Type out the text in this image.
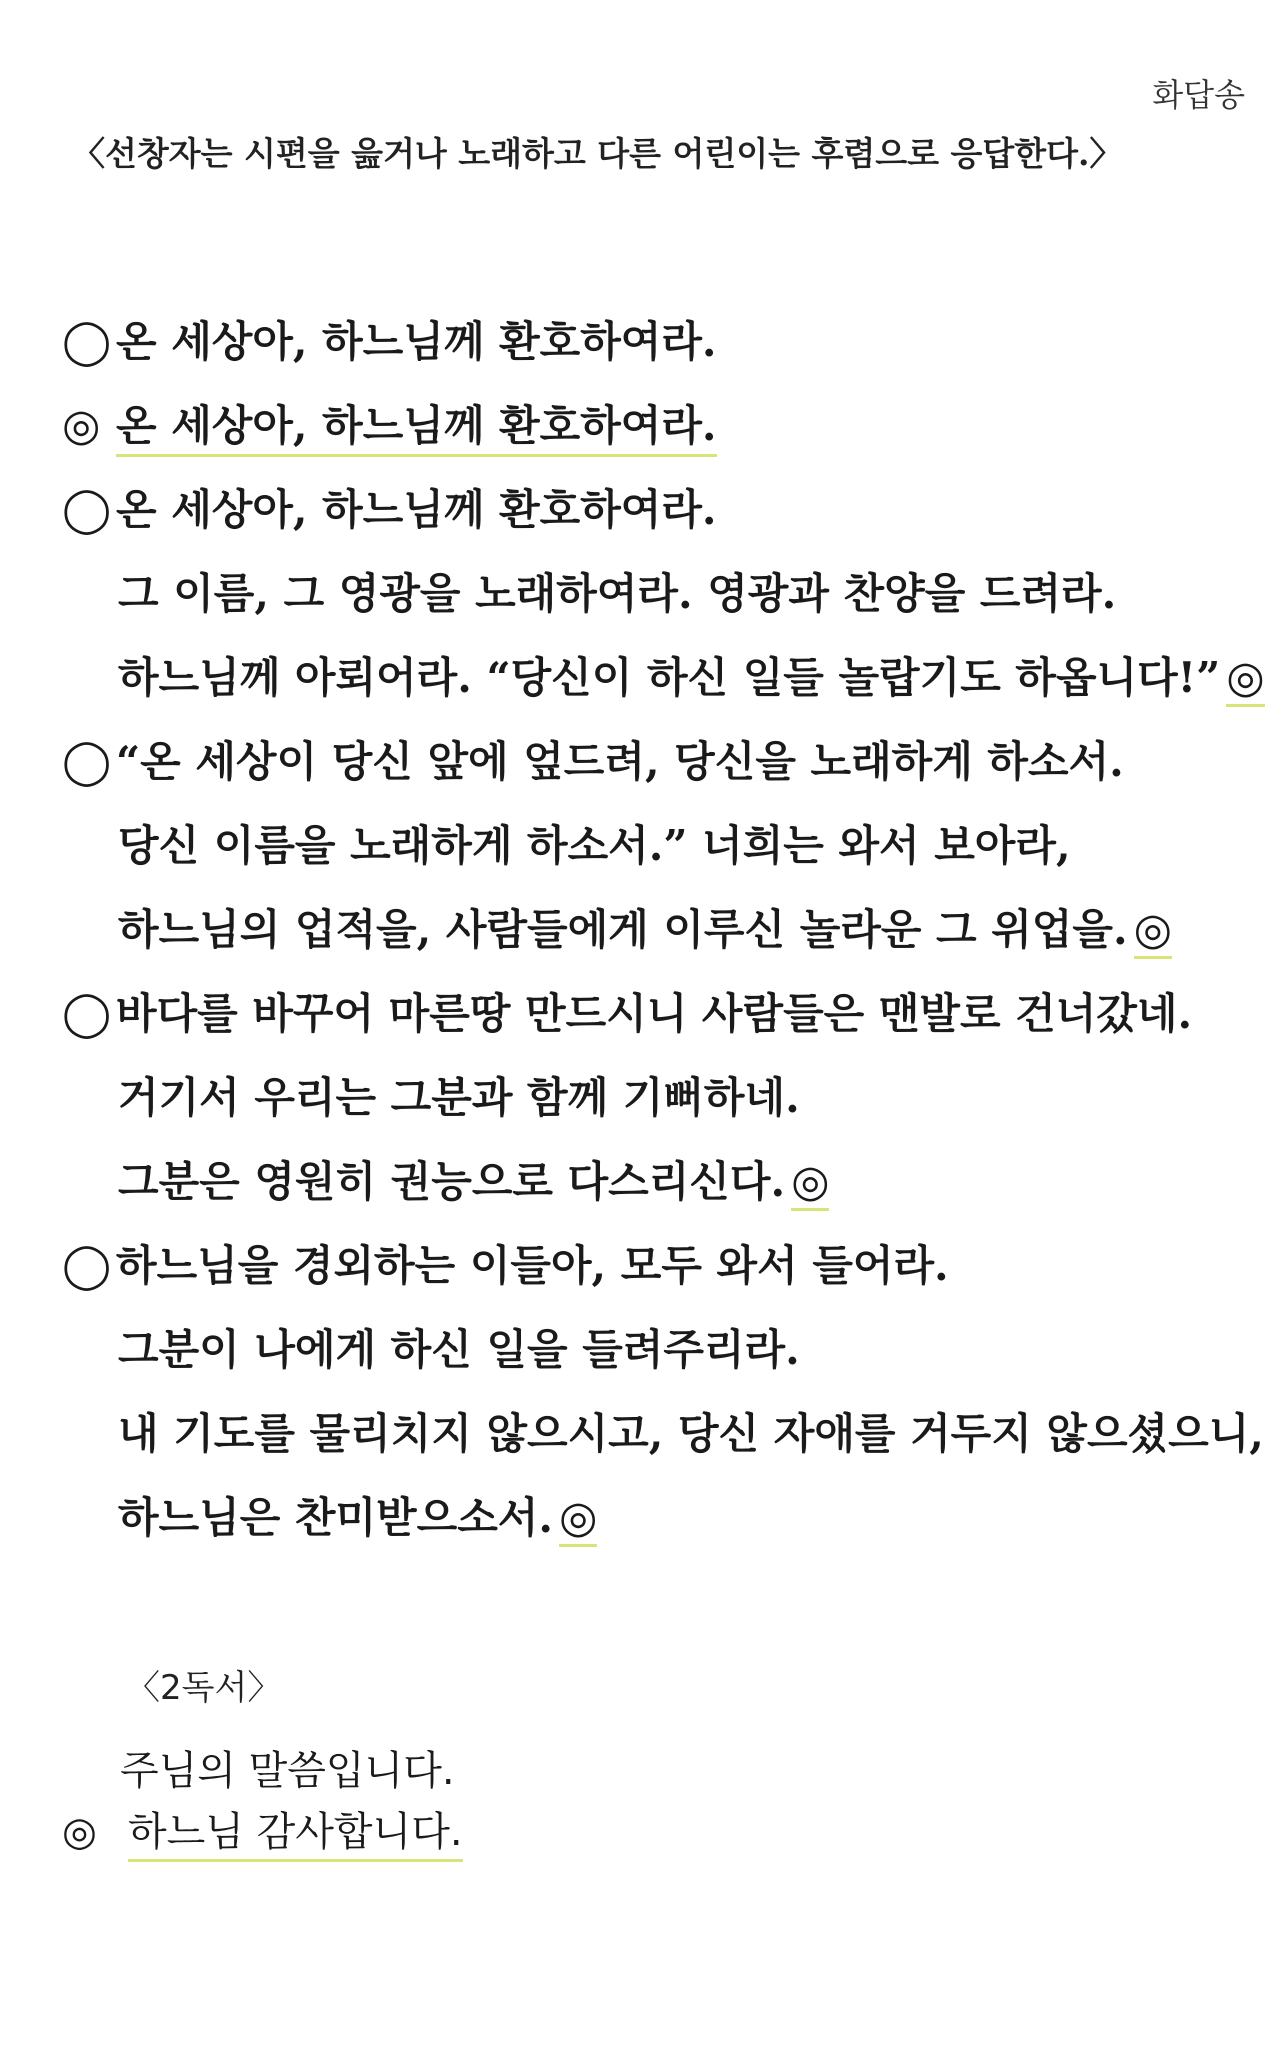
화답송
〈선창자는 시편을 읊거나 노래하고 다른 어린이는 후렴으로 응답한다.〉
◯ 온 세상아, 하느님께 환호하여라.
◎ 온 세상아, 하느님께 환호하여라.
◯ 온 세상아, 하느님께 환호하여라.
그 이름, 그 영광을 노래하여라. 영광과 찬양을 드려라.
하느님께 아뢰어라. “당신이 하신 일들 놀랍기도 하옵니다!” ◎
◯ “온 세상이 당신 앞에 엎드려, 당신을 노래하게 하소서.
당신 이름을 노래하게 하소서.” 너희는 와서 보아라,
하느님의 업적을, 사람들에게 이루신 놀라운 그 위업을. ◎
◯ 바다를 바꾸어 마른땅 만드시니 사람들은 맨발로 건너갔네.
거기서 우리는 그분과 함께 기뻐하네.
그분은 영원히 권능으로 다스리신다. ◎
◯ 하느님을 경외하는 이들아, 모두 와서 들어라.
그분이 나에게 하신 일을 들려주리라.
내 기도를 물리치지 않으시고, 당신 자애를 거두지 않으셨으니,
하느님은 찬미받으소서. ◎
〈2독서〉
주님의 말씀입니다.
◎ 하느님 감사합니다.
